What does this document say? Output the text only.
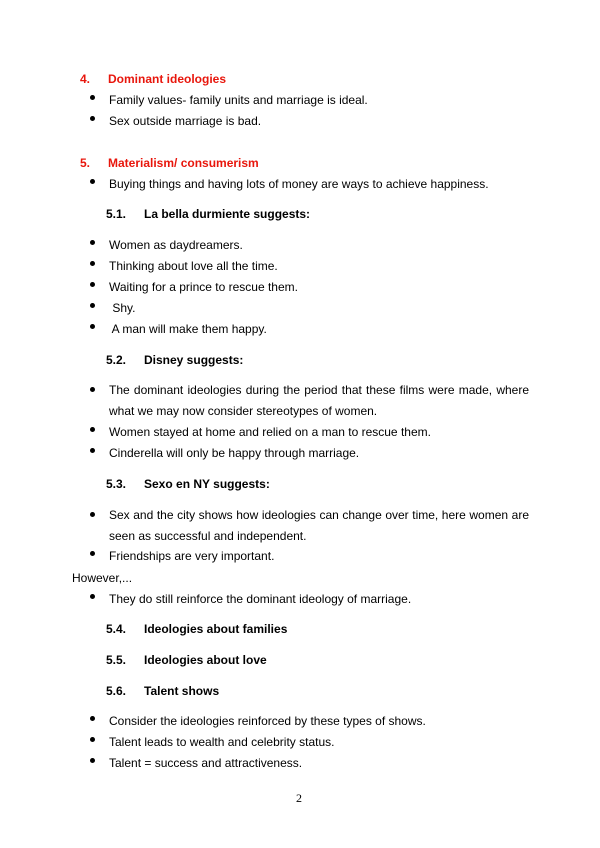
4. Dominant ideologies
Family values- family units and marriage is ideal.
Sex outside marriage is bad.
5. Materialism/ consumerism
Buying things and having lots of money are ways to achieve happiness.
5.1. La bella durmiente suggests:
Women as daydreamers.
Thinking about love all the time.
Waiting for a prince to rescue them.
Shy.
A man will make them happy.
5.2. Disney suggests:
The dominant ideologies during the period that these films were made, where what we may now consider stereotypes of women.
Women stayed at home and relied on a man to rescue them.
Cinderella will only be happy through marriage.
5.3. Sexo en NY suggests:
Sex and the city shows how ideologies can change over time, here women are seen as successful and independent.
Friendships are very important.
However,...
They do still reinforce the dominant ideology of marriage.
5.4. Ideologies about families
5.5. Ideologies about love
5.6. Talent shows
Consider the ideologies reinforced by these types of shows.
Talent leads to wealth and celebrity status.
Talent = success and attractiveness.
2
